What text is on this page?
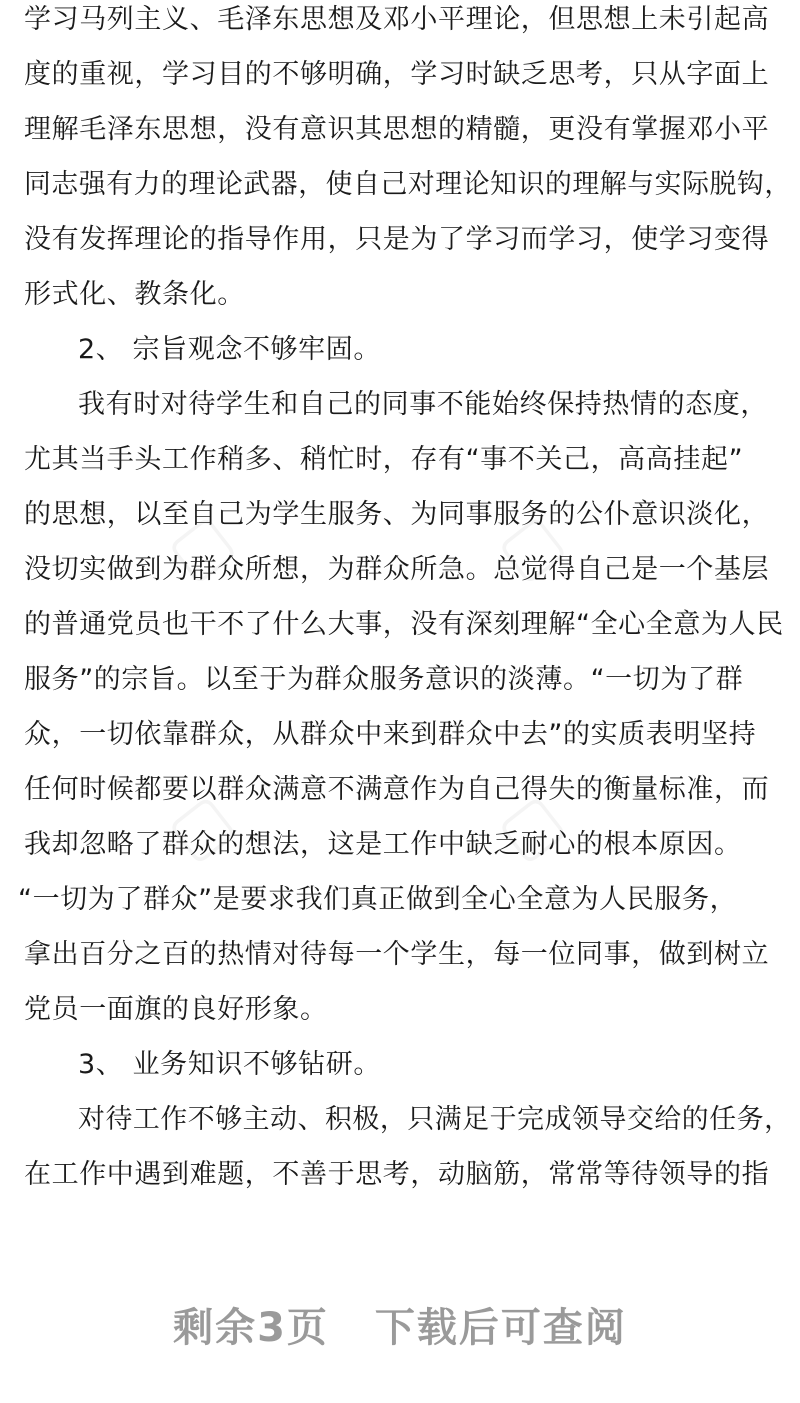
学习马列主义、毛泽东思想及邓小平理论，但思想上未引起高
度的重视，学习目的不够明确，学习时缺乏思考，只从字面上
理解毛泽东思想，没有意识其思想的精髓，更没有掌握邓小平
同志强有力的理论武器，使自己对理论知识的理解与实际脱钩，
没有发挥理论的指导作用，只是为了学习而学习，使学习变得
形式化、教条化。
2、 宗旨观念不够牢固。
我有时对待学生和自己的同事不能始终保持热情的态度，
尤其当手头工作稍多、稍忙时，存有“事不关己，高高挂起”
的思想，以至自己为学生服务、为同事服务的公仆意识淡化，
没切实做到为群众所想，为群众所急。总觉得自己是一个基层
的普通党员也干不了什么大事，没有深刻理解“全心全意为人民
服务”的宗旨。以至于为群众服务意识的淡薄。“一切为了群
众，一切依靠群众，从群众中来到群众中去”的实质表明坚持
任何时候都要以群众满意不满意作为自己得失的衡量标准，而
我却忽略了群众的想法，这是工作中缺乏耐心的根本原因。
“一切为了群众”是要求我们真正做到全心全意为人民服务，
拿出百分之百的热情对待每一个学生，每一位同事，做到树立
党员一面旗的良好形象。
3、 业务知识不够钻研。
对待工作不够主动、积极，只满足于完成领导交给的任务，
在工作中遇到难题，不善于思考，动脑筋，常常等待领导的指
剩余3页 下载后可查阅
